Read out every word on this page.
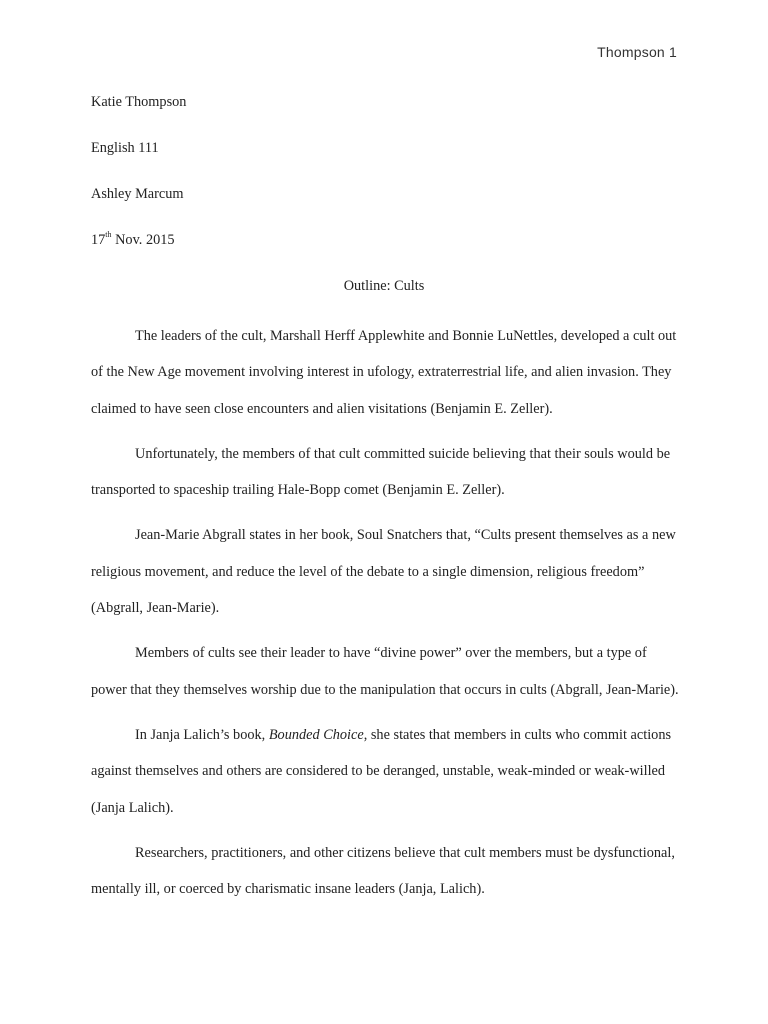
Thompson 1
Katie Thompson
English 111
Ashley Marcum
17th Nov. 2015
Outline: Cults

The leaders of the cult, Marshall Herff Applewhite and Bonnie LuNettles, developed a cult out of the New Age movement involving interest in ufology, extraterrestrial life, and alien invasion. They claimed to have seen close encounters and alien visitations (Benjamin E. Zeller).

Unfortunately, the members of that cult committed suicide believing that their souls would be transported to spaceship trailing Hale-Bopp comet (Benjamin E. Zeller).

Jean-Marie Abgrall states in her book, Soul Snatchers that, “Cults present themselves as a new religious movement, and reduce the level of the debate to a single dimension, religious freedom” (Abgrall, Jean-Marie).

Members of cults see their leader to have “divine power” over the members, but a type of power that they themselves worship due to the manipulation that occurs in cults (Abgrall, Jean-Marie).

In Janja Lalich’s book, Bounded Choice, she states that members in cults who commit actions against themselves and others are considered to be deranged, unstable, weak-minded or weak-willed (Janja Lalich).

Researchers, practitioners, and other citizens believe that cult members must be dysfunctional, mentally ill, or coerced by charismatic insane leaders (Janja, Lalich).
